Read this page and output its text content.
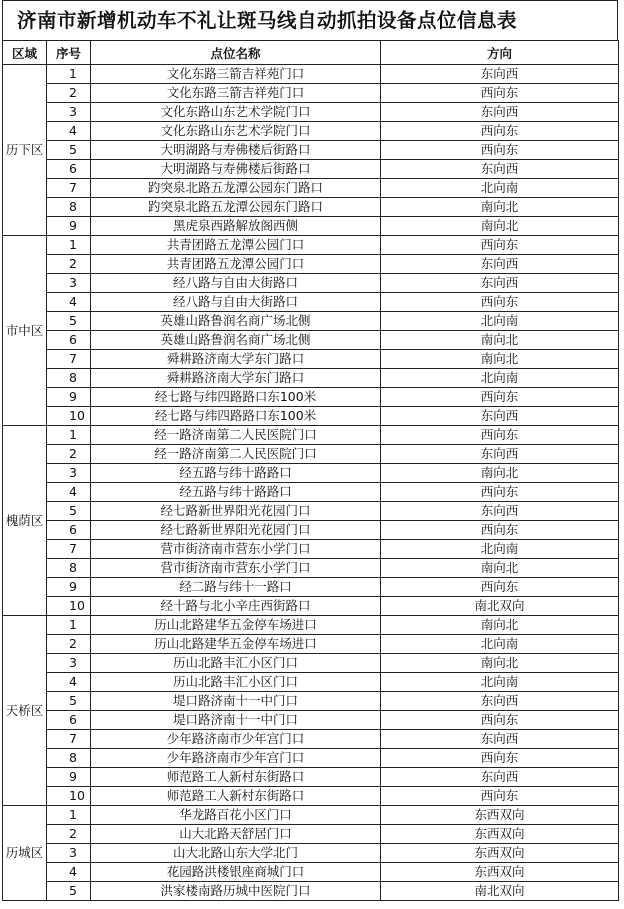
济南市新增机动车不礼让斑马线自动抓拍设备点位信息表
区域	序号	点位名称	方向
历下区	1	文化东路三箭吉祥苑门口	东向西
	2	文化东路三箭吉祥苑门口	西向东
	3	文化东路山东艺术学院门口	东向西
	4	文化东路山东艺术学院门口	西向东
	5	大明湖路与寿佛楼后街路口	西向东
	6	大明湖路与寿佛楼后街路口	东向西
	7	趵突泉北路五龙潭公园东门路口	北向南
	8	趵突泉北路五龙潭公园东门路口	南向北
	9	黑虎泉西路解放阁西侧	南向北
市中区	1	共青团路五龙潭公园门口	西向东
	2	共青团路五龙潭公园门口	东向西
	3	经八路与自由大街路口	东向西
	4	经八路与自由大街路口	西向东
	5	英雄山路鲁润名商广场北侧	北向南
	6	英雄山路鲁润名商广场北侧	南向北
	7	舜耕路济南大学东门路口	南向北
	8	舜耕路济南大学东门路口	北向南
	9	经七路与纬四路路口东100米	西向东
	10	经七路与纬四路路口东100米	东向西
槐荫区	1	经一路济南第二人民医院门口	西向东
	2	经一路济南第二人民医院门口	东向西
	3	经五路与纬十路路口	南向北
	4	经五路与纬十路路口	西向东
	5	经七路新世界阳光花园门口	东向西
	6	经七路新世界阳光花园门口	西向东
	7	营市街济南市营东小学门口	北向南
	8	营市街济南市营东小学门口	南向北
	9	经二路与纬十一路口	西向东
	10	经十路与北小辛庄西街路口	南北双向
天桥区	1	历山北路建华五金停车场进口	南向北
	2	历山北路建华五金停车场进口	北向南
	3	历山北路丰汇小区门口	南向北
	4	历山北路丰汇小区门口	北向南
	5	堤口路济南十一中门口	东向西
	6	堤口路济南十一中门口	西向东
	7	少年路济南市少年宫门口	东向西
	8	少年路济南市少年宫门口	西向东
	9	师范路工人新村东街路口	东向西
	10	师范路工人新村东街路口	西向东
历城区	1	华龙路百花小区门口	东西双向
	2	山大北路天舒居门口	东西双向
	3	山大北路山东大学北门	东西双向
	4	花园路洪楼银座商城门口	东西双向
	5	洪家楼南路历城中医院门口	南北双向
